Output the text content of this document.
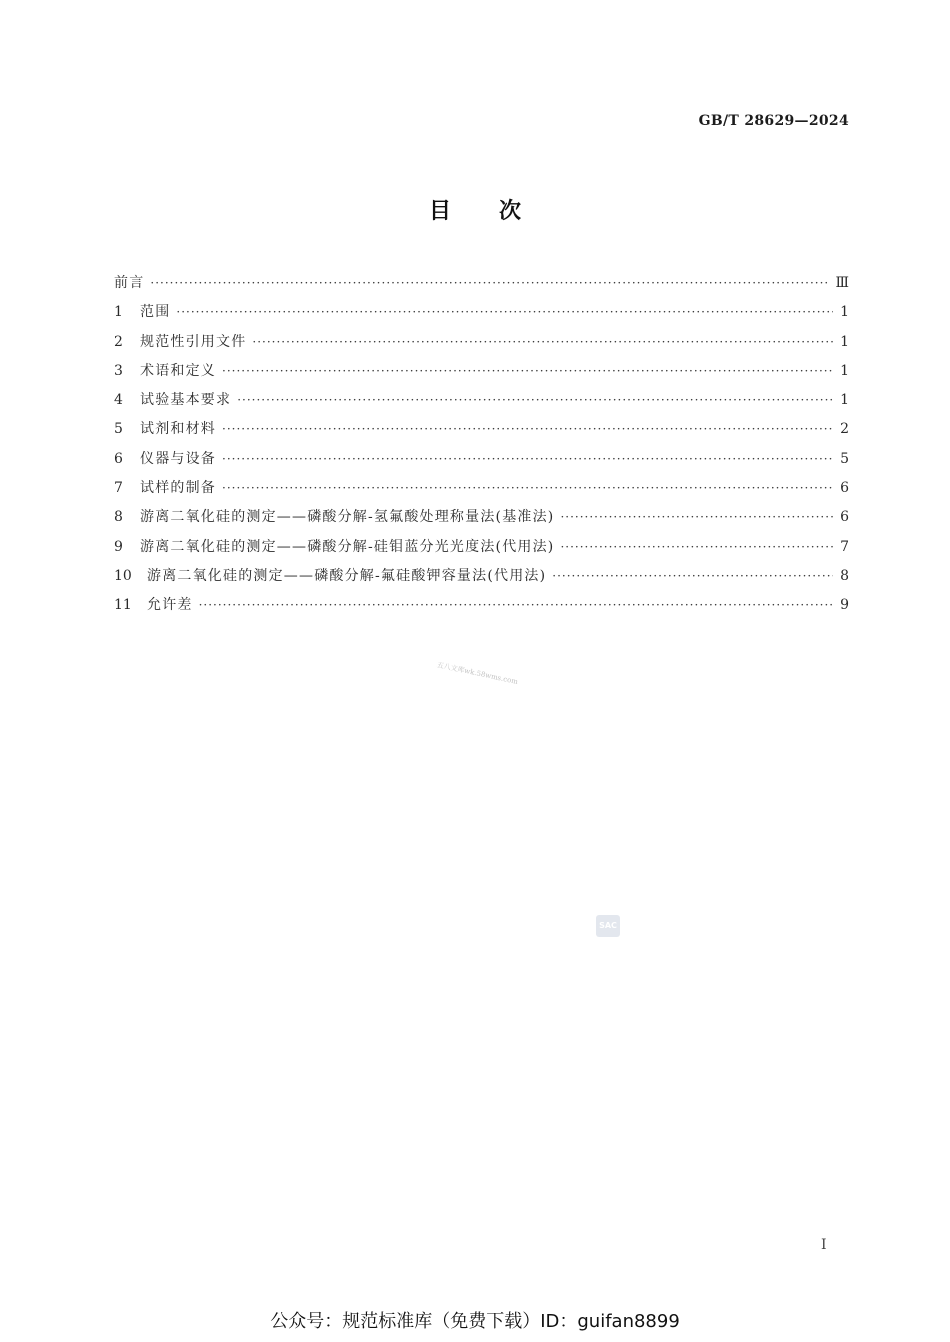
GB/T 28629—2024
目次
前言 ·····	Ⅲ
1	范围 ·····	1
2	规范性引用文件 ·····	1
3	术语和定义 ·····	1
4	试验基本要求 ·····	1
5	试剂和材料 ·····	2
6	仪器与设备 ·····	5
7	试样的制备 ·····	6
8	游离二氧化硅的测定——磷酸分解-氢氟酸处理称量法(基准法) ·····	6
9	游离二氧化硅的测定——磷酸分解-硅钼蓝分光光度法(代用法) ·····	7
10	游离二氧化硅的测定——磷酸分解-氟硅酸钾容量法(代用法) ·····	8
11	允许差 ·····	9
五八文库wk.58wms.com
SAC
I
公众号：规范标准库（免费下载）ID：guifan8899
